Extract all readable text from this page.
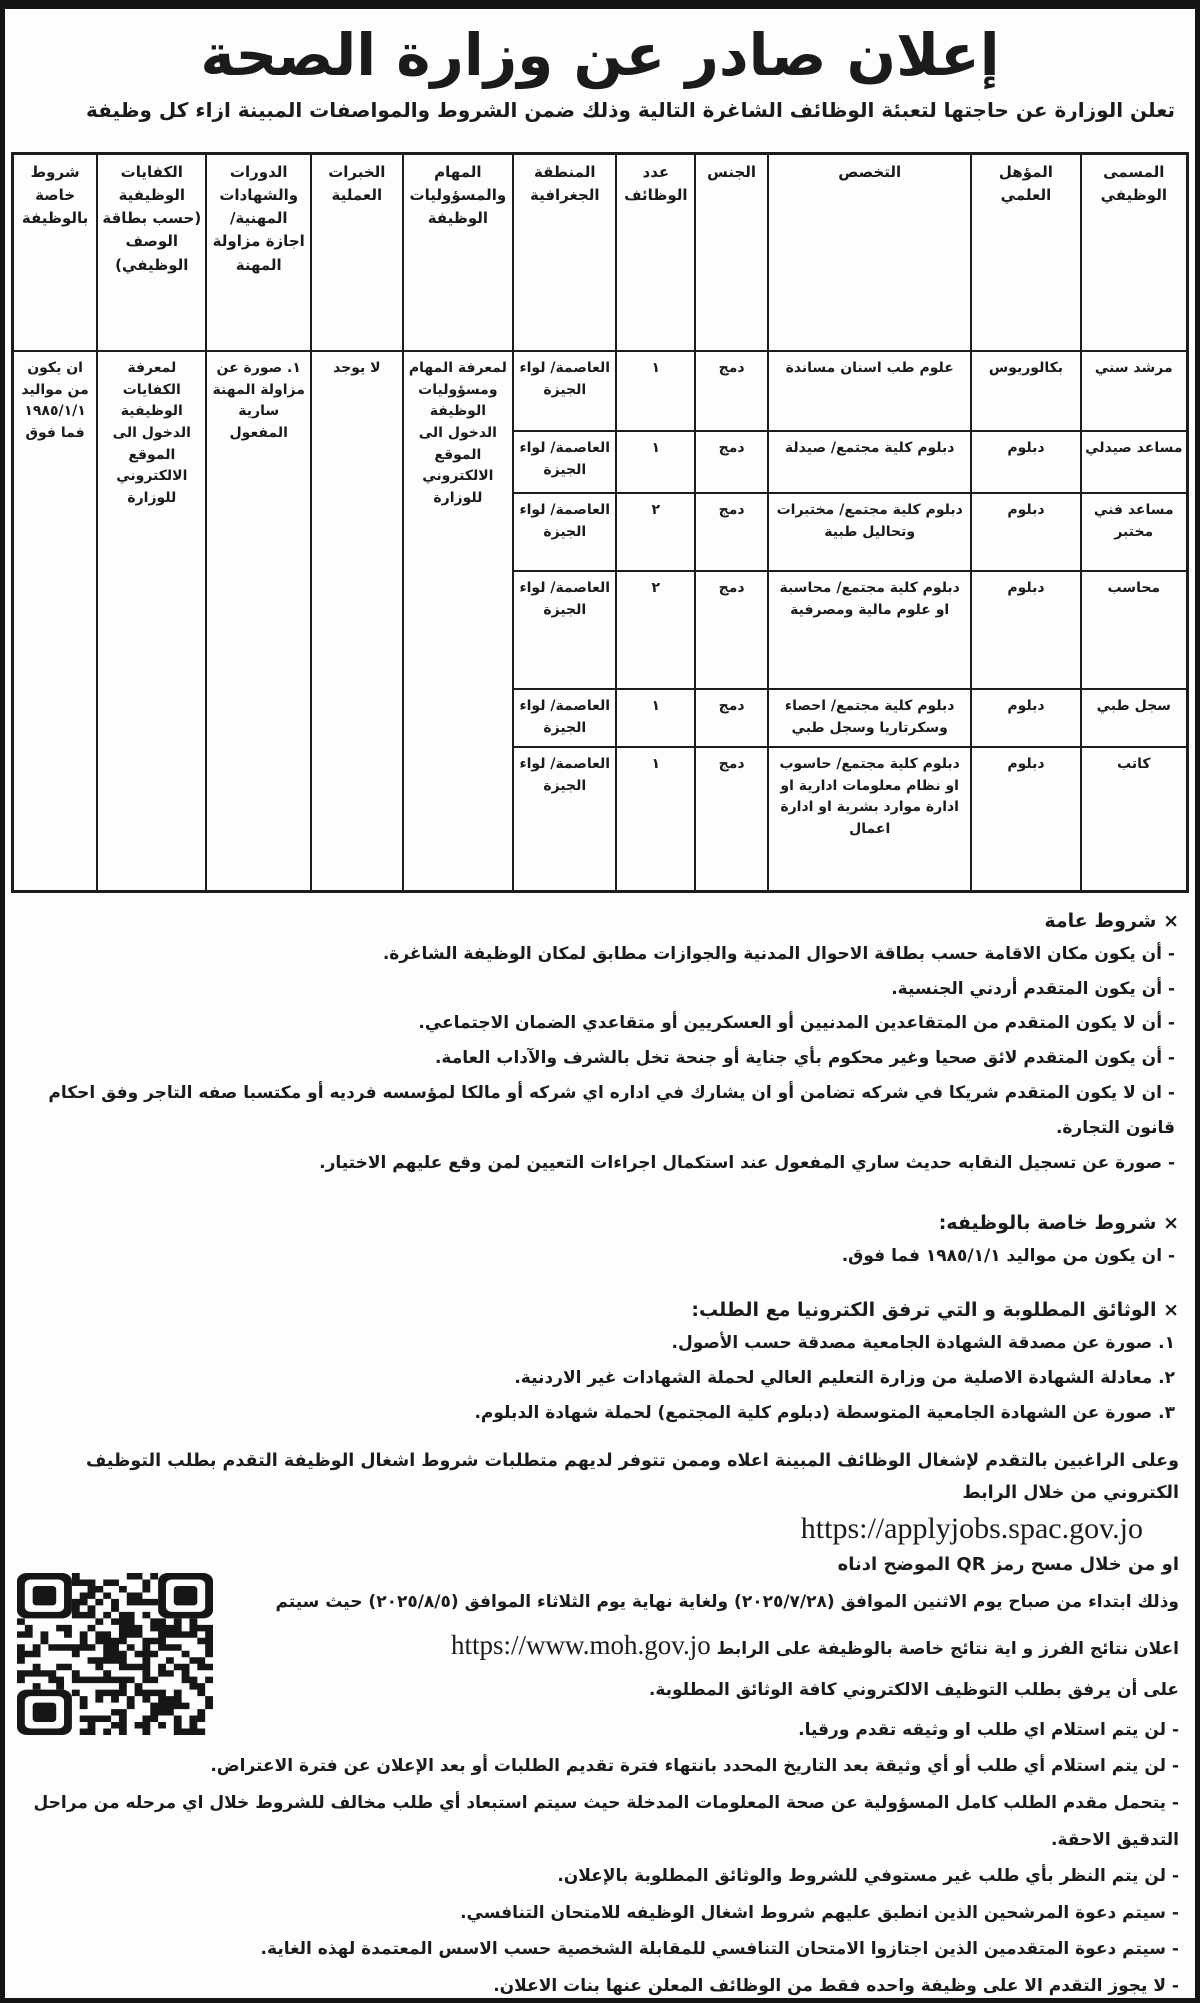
إعلان صادر عن وزارة الصحة
تعلن الوزارة عن حاجتها لتعبئة الوظائف الشاغرة التالية وذلك ضمن الشروط والمواصفات المبينة ازاء كل وظيفة
المسمى الوظيفي	المؤهل العلمي	التخصص	الجنس	عدد الوظائف	المنطقة الجغرافية	المهام والمسؤوليات الوظيفة	الخبرات العملية	الدورات والشهادات المهنية/ اجازة مزاولة المهنة	الكفايات الوظيفية (حسب بطاقة الوصف الوظيفي)	شروط خاصة بالوظيفة
مرشد سني	بكالوريوس	علوم طب اسنان مساندة	دمج	١	العاصمة/ لواء الجيزة	لمعرفة المهام ومسؤوليات الوظيفة الدخول الى الموقع الالكتروني للوزارة	لا يوجد	١. صورة عن مزاولة المهنة سارية المفعول	لمعرفة الكفايات الوظيفية الدخول الى الموقع الالكتروني للوزارة	ان يكون من مواليد ١٩٨٥/١/١ فما فوق
مساعد صيدلي	دبلوم	دبلوم كلية مجتمع/ صيدلة	دمج	١	العاصمة/ لواء الجيزة					
مساعد فني مختبر	دبلوم	دبلوم كلية مجتمع/ مختبرات وتحاليل طبية	دمج	٢	العاصمة/ لواء الجيزة					
محاسب	دبلوم	دبلوم كلية مجتمع/ محاسبة او علوم مالية ومصرفية	دمج	٢	العاصمة/ لواء الجيزة					
سجل طبي	دبلوم	دبلوم كلية مجتمع/ احصاء وسكرتاريا وسجل طبي	دمج	١	العاصمة/ لواء الجيزة					
كاتب	دبلوم	دبلوم كلية مجتمع/ حاسوب او نظام معلومات ادارية او ادارة موارد بشرية او ادارة اعمال	دمج	١	العاصمة/ لواء الجيزة					
× شروط عامة
- أن يكون مكان الاقامة حسب بطاقة الاحوال المدنية والجوازات مطابق لمكان الوظيفة الشاغرة.
- أن يكون المتقدم أردني الجنسية.
- أن لا يكون المتقدم من المتقاعدين المدنيين أو العسكريين أو متقاعدي الضمان الاجتماعي.
- أن يكون المتقدم لائق صحيا وغير محكوم بأي جناية أو جنحة تخل بالشرف والآداب العامة.
- ان لا يكون المتقدم شريكا في شركه تضامن أو ان يشارك في اداره اي شركه أو مالكا لمؤسسه فرديه أو مكتسبا صفه التاجر وفق احكام قانون التجارة.
- صورة عن تسجيل النقابه حديث ساري المفعول عند استكمال اجراءات التعيين لمن وقع عليهم الاختيار.
× شروط خاصة بالوظيفه:
- ان يكون من مواليد ١٩٨٥/١/١ فما فوق.
× الوثائق المطلوبة و التي ترفق الكترونيا مع الطلب:
١. صورة عن مصدقة الشهادة الجامعية مصدقة حسب الأصول.
٢. معادلة الشهادة الاصلية من وزارة التعليم العالي لحملة الشهادات غير الاردنية.
٣. صورة عن الشهادة الجامعية المتوسطة (دبلوم كلية المجتمع) لحملة شهادة الدبلوم.

وعلى الراغبين بالتقدم لإشغال الوظائف المبينة اعلاه وممن تتوفر لديهم متطلبات شروط اشغال الوظيفة التقدم بطلب التوظيف الكتروني من خلال الرابط

https://applyjobs.spac.gov.jo
او من خلال مسح رمز QR الموضح ادناه

وذلك ابتداء من صباح يوم الاثنين الموافق (٢٠٢٥/٧/٢٨) ولغاية نهاية يوم الثلاثاء الموافق (٢٠٢٥/٨/٥) حيث سيتم اعلان نتائج الفرز و اية نتائج خاصة بالوظيفة على الرابط https://www.moh.gov.jo

على أن يرفق بطلب التوظيف الالكتروني كافة الوثائق المطلوبة.
- لن يتم استلام اي طلب او وثيقه تقدم ورقيا.
- لن يتم استلام أي طلب أو أي وثيقة بعد التاريخ المحدد بانتهاء فترة تقديم الطلبات أو بعد الإعلان عن فترة الاعتراض.
- يتحمل مقدم الطلب كامل المسؤولية عن صحة المعلومات المدخلة حيث سيتم استبعاد أي طلب مخالف للشروط خلال اي مرحله من مراحل التدقيق الاحقة.
- لن يتم النظر بأي طلب غير مستوفي للشروط والوثائق المطلوبة بالإعلان.
- سيتم دعوة المرشحين الذين انطبق عليهم شروط اشغال الوظيفه للامتحان التنافسي.
- سيتم دعوة المتقدمين الذين اجتازوا الامتحان التنافسي للمقابلة الشخصية حسب الاسس المعتمدة لهذه الغاية.
- لا يجوز التقدم الا على وظيفة واحده فقط من الوظائف المعلن عنها بنات الاعلان.
